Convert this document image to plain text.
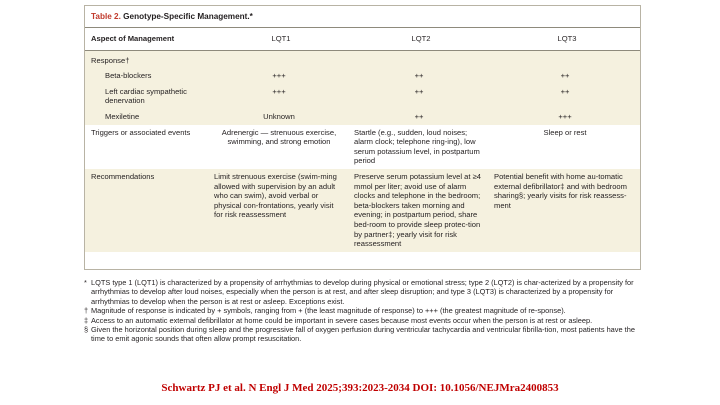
Table 2. Genotype-Specific Management.*
Aspect of Management	LQT1	LQT2	LQT3
Response†			
Beta-blockers	+++	++	++
Left cardiac sympathetic denervation	+++	++	++
Mexiletine	Unknown	++	+++
Triggers or associated events	Adrenergic — strenuous exercise, swimming, and strong emotion	Startle (e.g., sudden, loud noises; alarm clock; telephone ring-ing), low serum potassium level, in postpartum period	Sleep or rest
Recommendations	Limit strenuous exercise (swim-ming allowed with supervision by an adult who can swim), avoid verbal or physical con-frontations, yearly visit for risk reassessment	Preserve serum potassium level at ≥4 mmol per liter; avoid use of alarm clocks and telephone in the bedroom; beta-blockers taken morning and evening; in postpartum period, share bed-room to provide sleep protec-tion by partner‡; yearly visit for risk reassessment	Potential benefit with home au-tomatic external defibrillator‡ and with bedroom sharing§; yearly visits for risk reassess-ment
* LQTS type 1 (LQT1) is characterized by a propensity of arrhythmias to develop during physical or emotional stress; type 2 (LQT2) is char-acterized by a propensity for arrhythmias to develop after loud noises, especially when the person is at rest, and after sleep disruption; and type 3 (LQT3) is characterized by a propensity for arrhythmias to develop when the person is at rest or asleep. Exceptions exist.
† Magnitude of response is indicated by + symbols, ranging from + (the least magnitude of response) to +++ (the greatest magnitude of re-sponse).
‡ Access to an automatic external defibrillator at home could be important in severe cases because most events occur when the person is at rest or asleep.
§ Given the horizontal position during sleep and the progressive fall of oxygen perfusion during ventricular tachycardia and ventricular fibrilla-tion, most patients have the time to emit agonic sounds that often allow prompt resuscitation.
Schwartz PJ et al. N Engl J Med 2025;393:2023-2034 DOI: 10.1056/NEJMra2400853
